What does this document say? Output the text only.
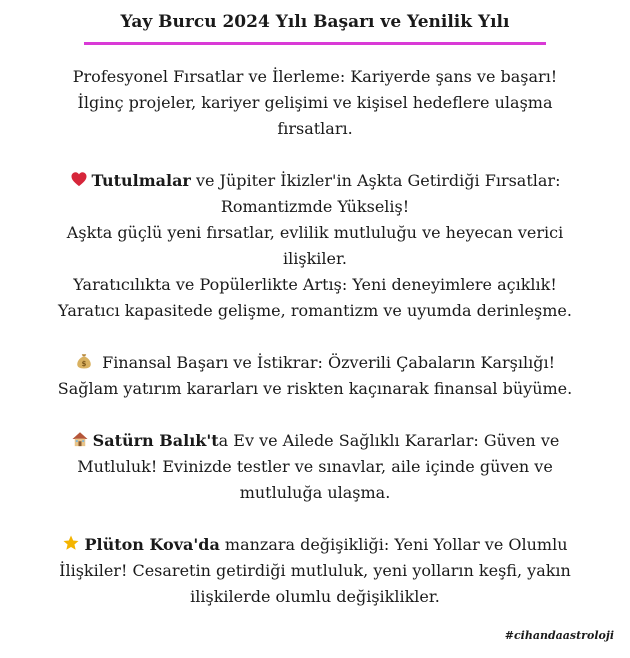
Yay Burcu 2024 Yılı Başarı ve Yenilik Yılı
Profesyonel Fırsatlar ve İlerleme: Kariyerde şans ve başarı!
İlginç projeler, kariyer gelişimi ve kişisel hedeflere ulaşma
fırsatları.
Tutulmalar ve Jüpiter İkizler'in Aşkta Getirdiği Fırsatlar:
Romantizmde Yükseliş!
Aşkta güçlü yeni fırsatlar, evlilik mutluluğu ve heyecan verici
ilişkiler.
Yaratıcılıkta ve Popülerlikte Artış: Yeni deneyimlere açıklık!
Yaratıcı kapasitede gelişme, romantizm ve uyumda derinleşme.
$ Finansal Başarı ve İstikrar: Özverili Çabaların Karşılığı!
Sağlam yatırım kararları ve riskten kaçınarak finansal büyüme.
Satürn Balık'ta Ev ve Ailede Sağlıklı Kararlar: Güven ve
Mutluluk! Evinizde testler ve sınavlar, aile içinde güven ve
mutluluğa ulaşma.
Plüton Kova'da manzara değişikliği: Yeni Yollar ve Olumlu
İlişkiler! Cesaretin getirdiği mutluluk, yeni yolların keşfi, yakın
ilişkilerde olumlu değişiklikler.
#cihandaastroloji
